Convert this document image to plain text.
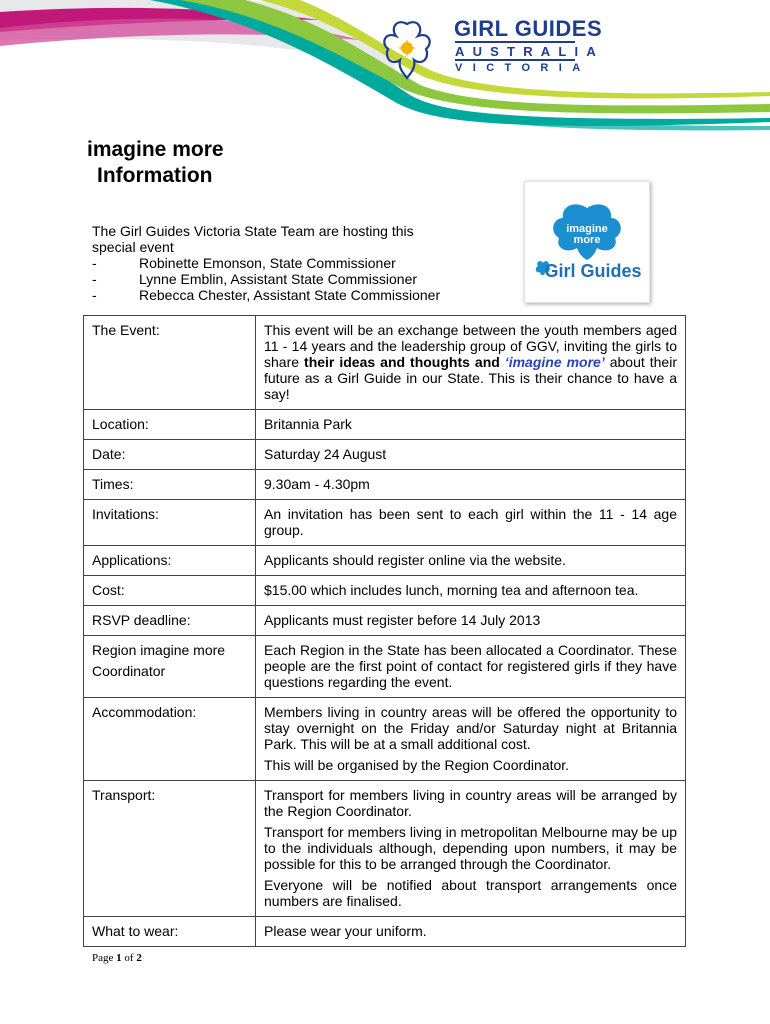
GIRL GUIDES
AUSTRALIA
VICTORIA
imagine more
Information
imagine
more
Girl Guides
The Girl Guides Victoria State Team are hosting this
special event
-	Robinette Emonson, State Commissioner
-	Lynne Emblin, Assistant State Commissioner
-	Rebecca Chester, Assistant State Commissioner
The Event:	This event will be an exchange between the youth members aged 11 - 14 years and the leadership group of GGV, inviting the girls to share their ideas and thoughts and ‘imagine more’ about their future as a Girl Guide in our State. This is their chance to have a say!
Location:	Britannia Park
Date:	Saturday 24 August
Times:	9.30am - 4.30pm
Invitations:	An invitation has been sent to each girl within the 11 - 14 age group.
Applications:	Applicants should register online via the website.
Cost:	$15.00 which includes lunch, morning tea and afternoon tea.
RSVP deadline:	Applicants must register before 14 July 2013
Region imagine more
Coordinator	Each Region in the State has been allocated a Coordinator. These people are the first point of contact for registered girls if they have questions regarding the event.
Accommodation:	Members living in country areas will be offered the opportunity to stay overnight on the Friday and/or Saturday night at Britannia Park. This will be at a small additional cost.

This will be organised by the Region Coordinator.

Transport:	Transport for members living in country areas will be arranged by the Region Coordinator.

Transport for members living in metropolitan Melbourne may be up to the individuals although, depending upon numbers, it may be possible for this to be arranged through the Coordinator.

Everyone will be notified about transport arrangements once numbers are finalised.

What to wear:	Please wear your uniform.
Page 1 of 2
